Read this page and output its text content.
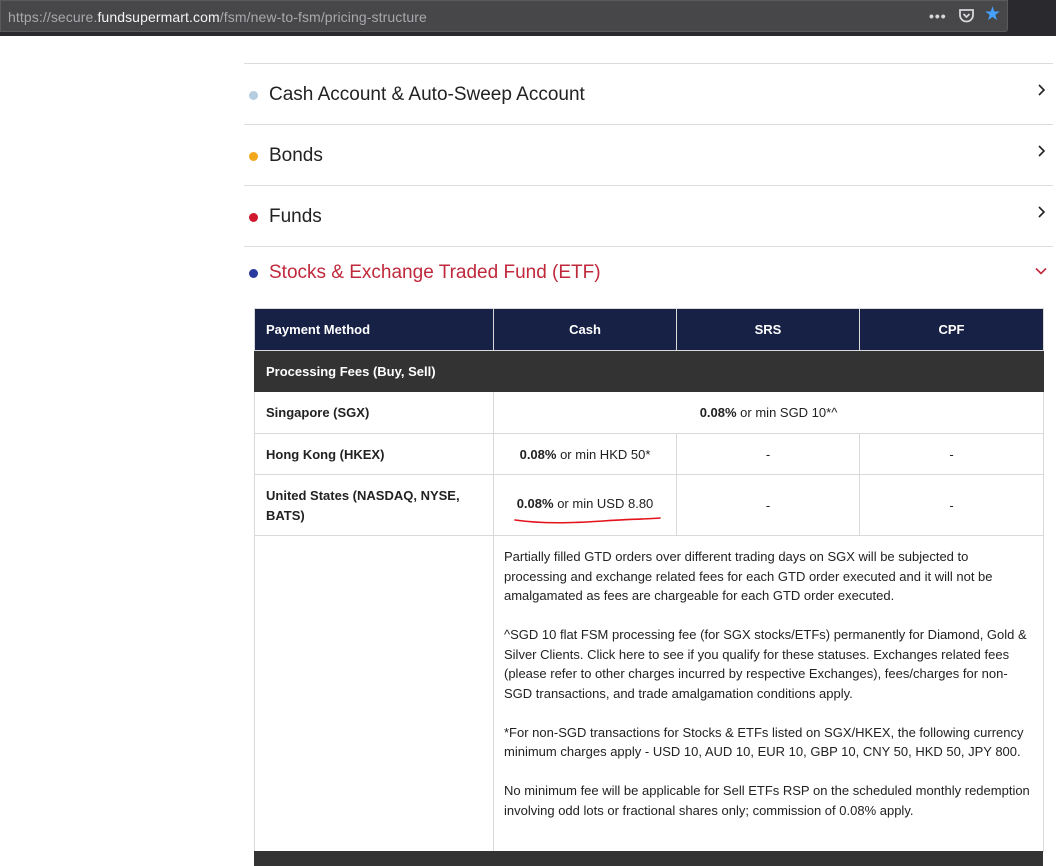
https://secure.fundsupermart.com/fsm/new-to-fsm/pricing-structure	••• ★
Cash Account & Auto-Sweep Account
Bonds
Funds
Stocks & Exchange Traded Fund (ETF)
Payment Method	Cash	SRS	CPF
Processing Fees (Buy, Sell)			
Singapore (SGX)	0.08% or min SGD 10*^		
Hong Kong (HKEX)	0.08% or min HKD 50*	-	-
United States (NASDAQ, NYSE, BATS)	0.08% or min USD 8.80	-	-

	Partially filled GTD orders over different trading days on SGX will be subjected to processing and exchange related fees for each GTD order executed and it will not be amalgamated as fees are chargeable for each GTD order executed.

^SGD 10 flat FSM processing fee (for SGX stocks/ETFs) permanently for Diamond, Gold & Silver Clients. Click here to see if you qualify for these statuses. Exchanges related fees (please refer to other charges incurred by respective Exchanges), fees/charges for non-SGD transactions, and trade amalgamation conditions apply.

*For non-SGD transactions for Stocks & ETFs listed on SGX/HKEX, the following currency minimum charges apply - USD 10, AUD 10, EUR 10, GBP 10, CNY 50, HKD 50, JPY 800.

No minimum fee will be applicable for Sell ETFs RSP on the scheduled monthly redemption involving odd lots or fractional shares only; commission of 0.08% apply.		
